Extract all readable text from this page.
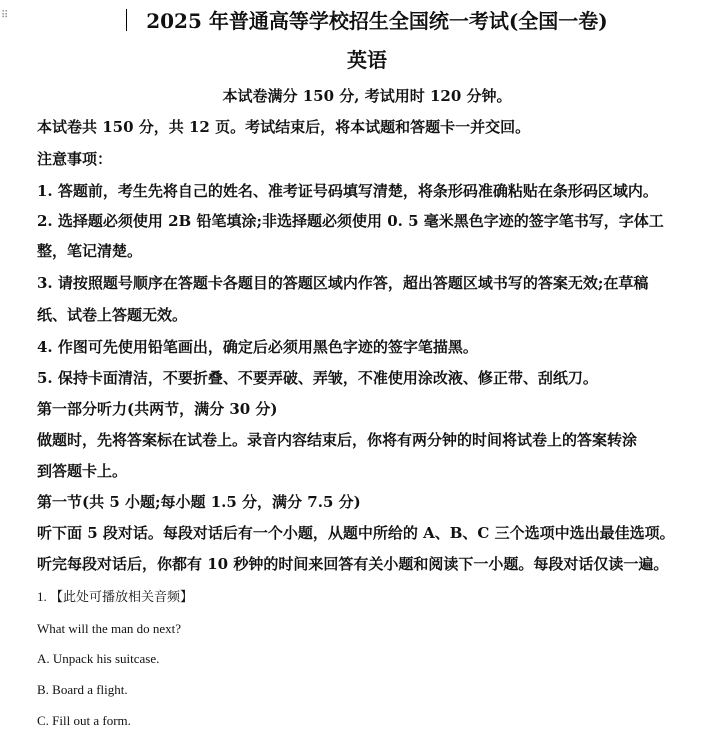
⠿	2025 年普通高等学校招生全国统一考试(全国一卷)
英语
本试卷满分 150 分, 考试用时 120 分钟。
本试卷共 150 分，共 12 页。考试结束后，将本试题和答题卡一并交回。
注意事项：
1. 答题前，考生先将自己的姓名、准考证号码填写清楚，将条形码准确粘贴在条形码区域内。
2. 选择题必须使用 2B 铅笔填涂;非选择题必须使用 0. 5 毫米黑色字迹的签字笔书写，字体工
整，笔记清楚。
3. 请按照题号顺序在答题卡各题目的答题区域内作答，超出答题区域书写的答案无效;在草稿
纸、试卷上答题无效。
4. 作图可先使用铅笔画出，确定后必须用黑色字迹的签字笔描黑。
5. 保持卡面清洁，不要折叠、不要弄破、弄皱，不准使用涂改液、修正带、刮纸刀。
第一部分听力(共两节，满分 30 分)
做题时，先将答案标在试卷上。录音内容结束后，你将有两分钟的时间将试卷上的答案转涂
到答题卡上。
第一节(共 5 小题;每小题 1.5 分，满分 7.5 分)
听下面 5 段对话。每段对话后有一个小题，从题中所给的 A、B、C 三个选项中选出最佳选项。
听完每段对话后，你都有 10 秒钟的时间来回答有关小题和阅读下一小题。每段对话仅读一遍。
1. 【此处可播放相关音频】
What will the man do next?
A. Unpack his suitcase.
B. Board a flight.
C. Fill out a form.
